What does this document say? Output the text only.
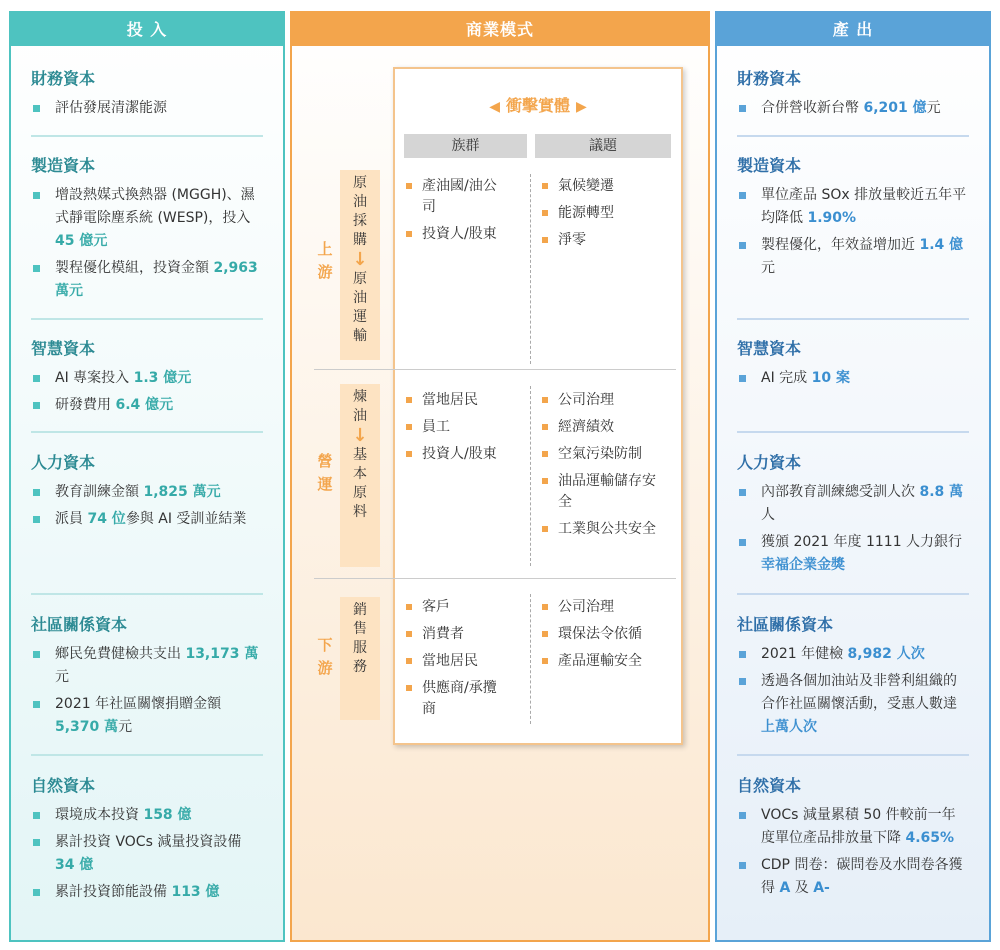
投 入
財務資本
評估發展清潔能源
製造資本
增設熱媒式換熱器 (MGGH)、濕式靜電除塵系統 (WESP)，投入 45 億元
製程優化模組，投資金額 2,963 萬元
智慧資本
AI 專案投入 1.3 億元
研發費用 6.4 億元
人力資本
教育訓練金額 1,825 萬元
派員 74 位參與 AI 受訓並結業
社區關係資本
鄉民免費健檢共支出 13,173 萬元
2021 年社區關懷捐贈金額 5,370 萬元
自然資本
環境成本投資 158 億
累計投資 VOCs 減量投資設備 34 億
累計投資節能設備 113 億
商業模式
◀ 衝擊實體 ▶
族群	議題
上游
原油採購
↓
原油運輸
產油國/油公司
投資人/股東
氣候變遷
能源轉型
淨零
營運
煉油
↓
基本原料
當地居民
員工
投資人/股東
公司治理
經濟績效
空氣污染防制
油品運輸儲存安全
工業與公共安全
下游
銷售服務
客戶
消費者
當地居民
供應商/承攬商
公司治理
環保法令依循
產品運輸安全
產 出
財務資本
合併營收新台幣 6,201 億元
製造資本
單位產品 SOx 排放量較近五年平均降低 1.90%
製程優化，年效益增加近 1.4 億元
智慧資本
AI 完成 10 案
人力資本
內部教育訓練總受訓人次 8.8 萬人
獲頒 2021 年度 1111 人力銀行幸福企業金獎
社區關係資本
2021 年健檢 8,982 人次
透過各個加油站及非營利組織的合作社區關懷活動，受惠人數達上萬人次
自然資本
VOCs 減量累積 50 件較前一年度單位產品排放量下降 4.65%
CDP 問卷：碳問卷及水問卷各獲得 A 及 A-
